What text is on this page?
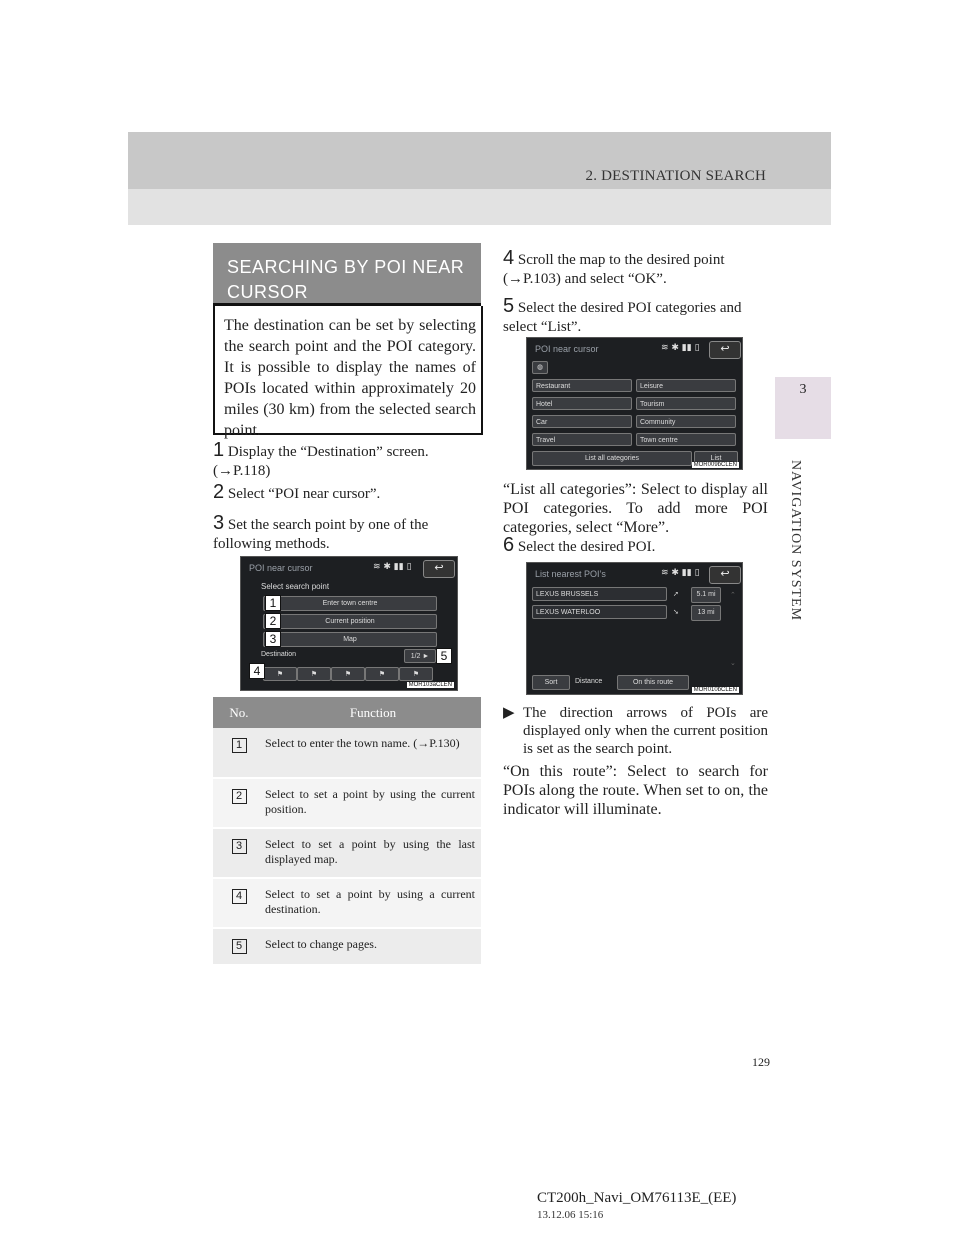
2. DESTINATION SEARCH
3
NAVIGATION SYSTEM
SEARCHING BY POI NEAR CURSOR
The destination can be set by selecting the search point and the POI category. It is possible to display the names of POIs located within approximately 20 miles (30 km) from the selected search point.
1 Display the “Destination” screen. (→P.118)
2 Select “POI near cursor”.
3 Set the search point by one of the following methods.
POI near cursor	≋ ✱ ▮▮ ▯	↩
Select search point
Enter town centre
Current position
Map
Destination	1/2 ►
⚑	⚑	⚑	⚑	⚑
MOR103aCLEN
1
2
3
4
5
No.	Function
1	Select to enter the town name. (→P.130)
2	Select to set a point by using the current position.
3	Select to set a point by using the last displayed map.
4	Select to set a point by using a current destination.
5	Select to change pages.
4 Scroll the map to the desired point (→P.103) and select “OK”.
5 Select the desired POI categories and select “List”.
POI near cursor	≋ ✱ ▮▮ ▯	↩
◍
Restaurant	Leisure
Hotel	Tourism
Car	Community
Travel	Town centre
List all categories	List
MOR009bCLEN
“List all categories”: Select to display all POI categories. To add more POI categories, select “More”.
6 Select the desired POI.
List nearest POI’s	≋ ✱ ▮▮ ▯	↩
LEXUS BRUSSELS	➚	5.1 mi
LEXUS WATERLOO	➘	13 mi
⌃
⌄
Sort	Distance	On this route
MOR010bCLEN
▶ The direction arrows of POIs are displayed only when the current position is set as the search point.
“On this route”: Select to search for POIs along the route. When set to on, the indicator will illuminate.
129
CT200h_Navi_OM76113E_(EE)
13.12.06 15:16
